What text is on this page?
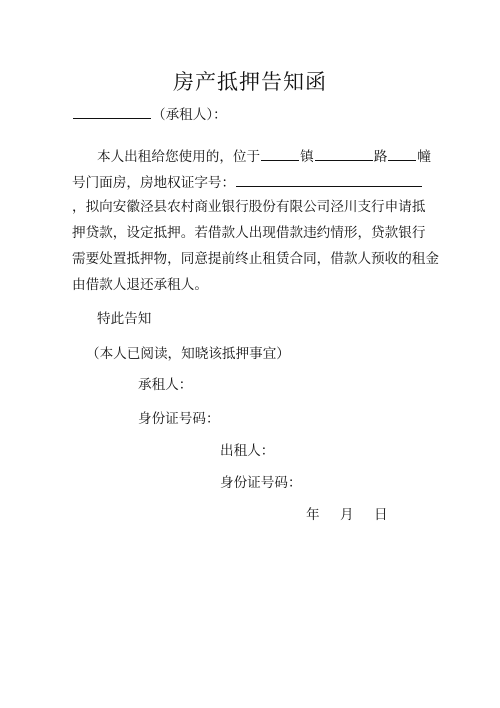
房产抵押告知函
（承租人）：
本人出租给您使用的，位于	镇	路 幢
号门面房，房地权证字号：
，拟向安徽泾县农村商业银行股份有限公司泾川支行申请抵
押贷款，设定抵押。若借款人出现借款违约情形，贷款银行
需要处置抵押物，同意提前终止租赁合同，借款人预收的租金
由借款人退还承租人。
特此告知
（本人已阅读，知晓该抵押事宜）
承租人：
身份证号码：
出租人：
身份证号码：
年 月 日
